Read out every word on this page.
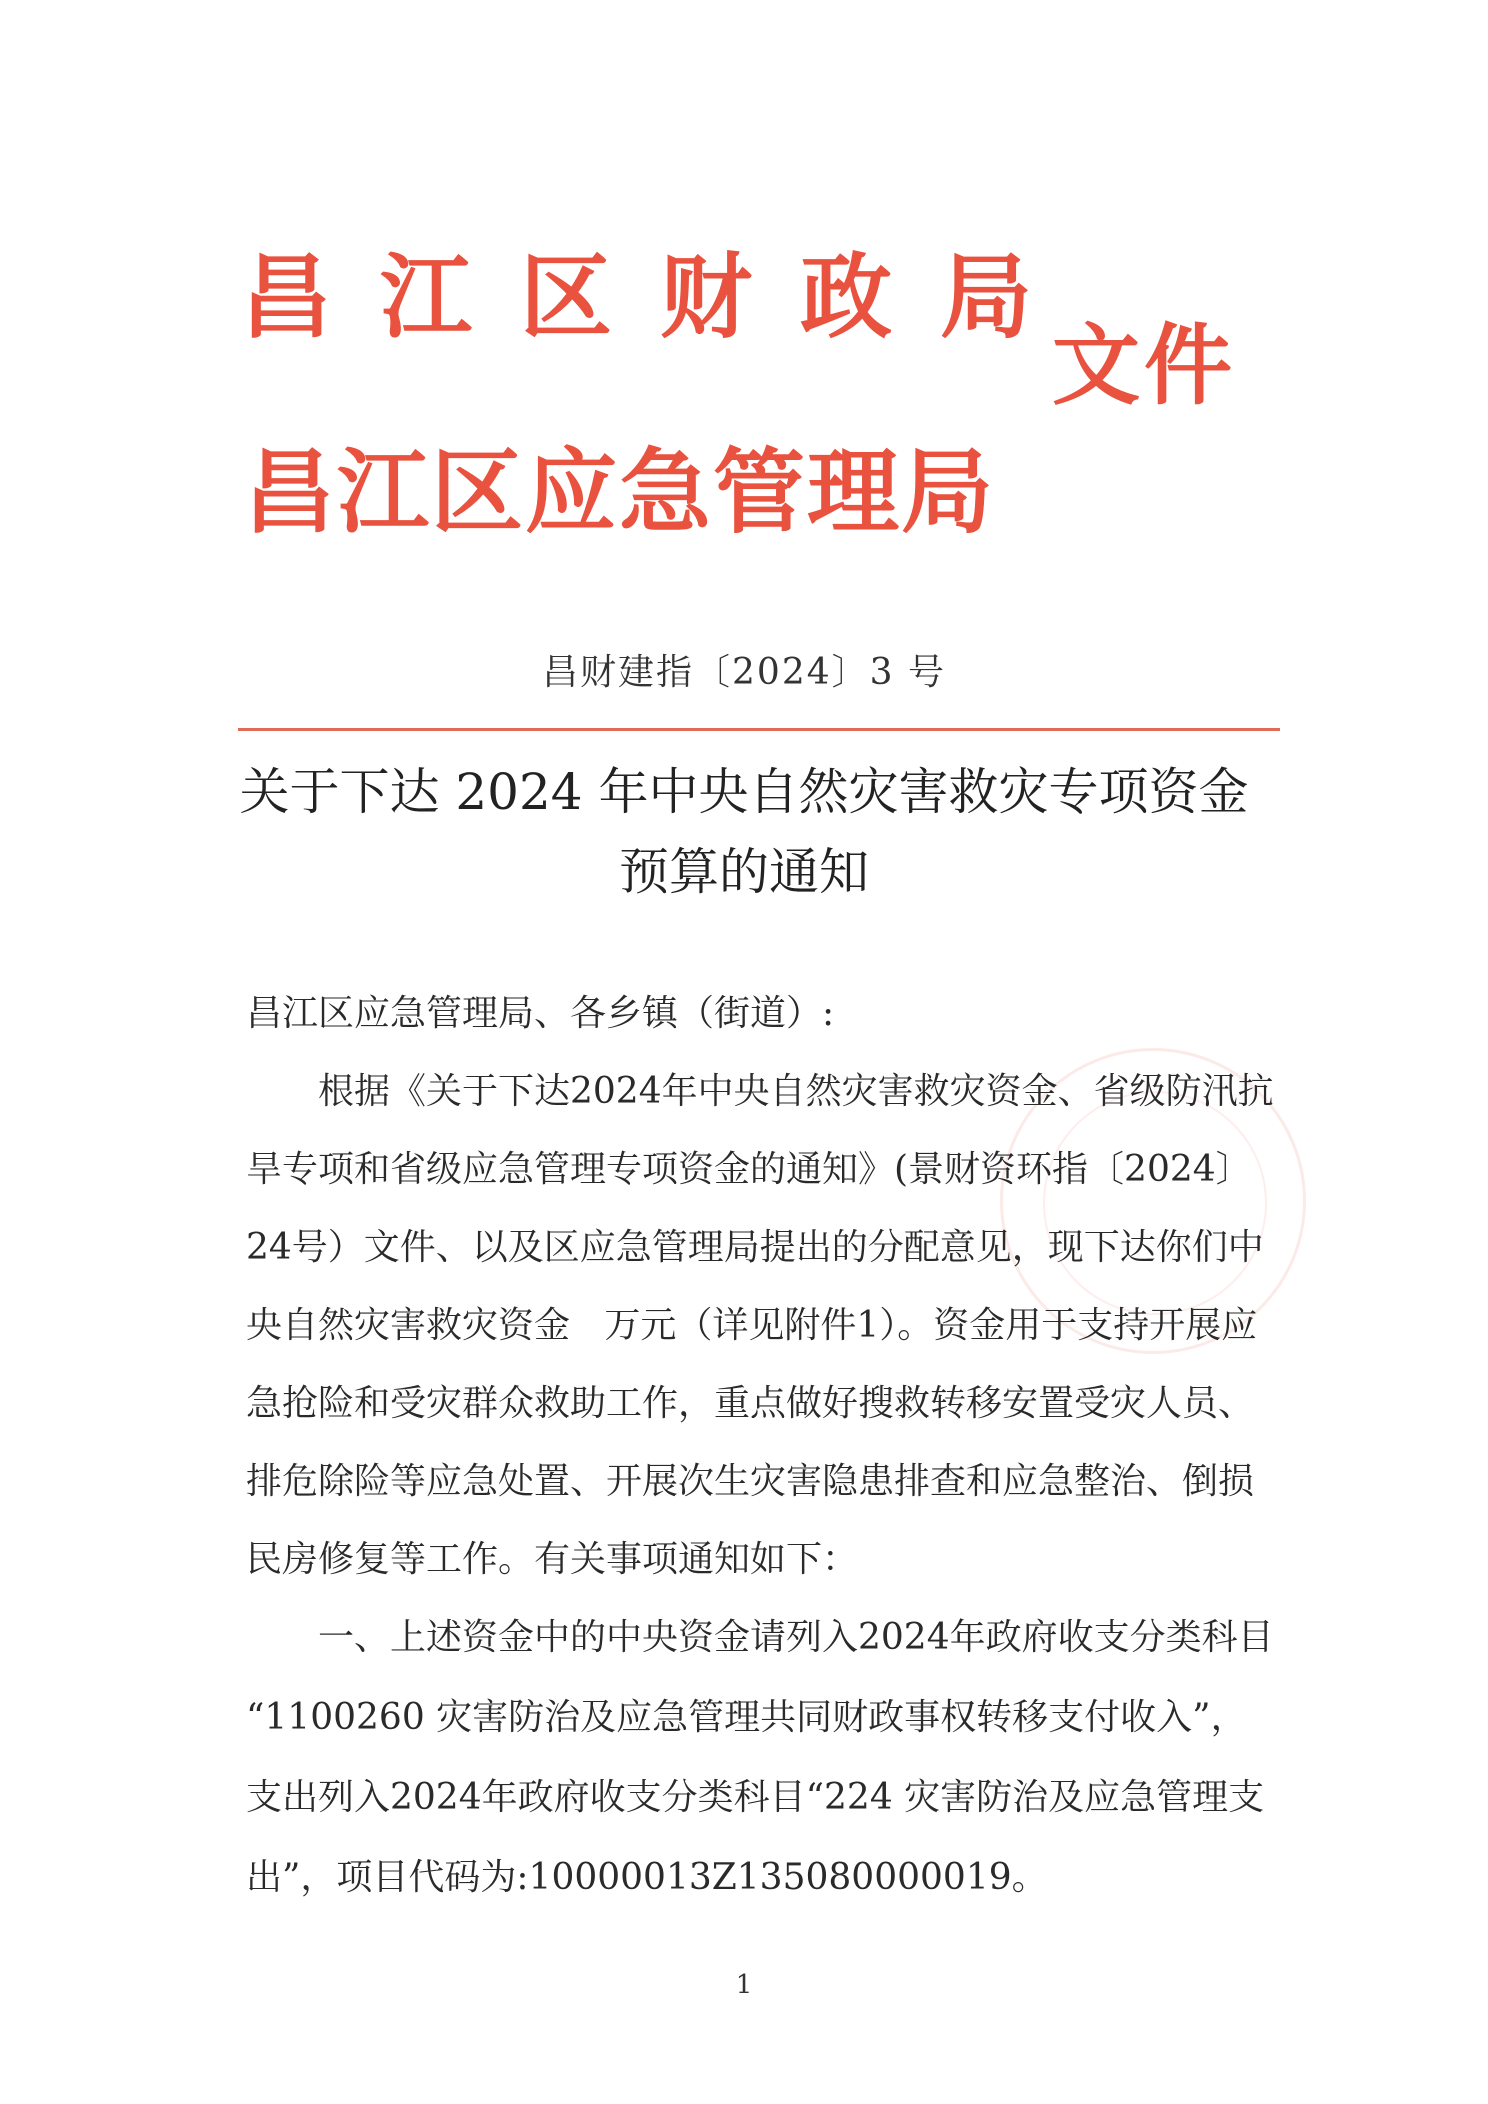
昌江区财政局
文件
昌江区应急管理局
昌财建指〔2024〕3 号
关于下达 2024 年中央自然灾害救灾专项资金
预算的通知
昌江区应急管理局、各乡镇（街道）:
根据《关于下达2024年中央自然灾害救灾资金、省级防汛抗
旱专项和省级应急管理专项资金的通知》(景财资环指〔2024〕
24号）文件、以及区应急管理局提出的分配意见，现下达你们中
央自然灾害救灾资金   万元（详见附件1）。资金用于支持开展应
急抢险和受灾群众救助工作，重点做好搜救转移安置受灾人员、
排危除险等应急处置、开展次生灾害隐患排查和应急整治、倒损
民房修复等工作。有关事项通知如下：
一、上述资金中的中央资金请列入2024年政府收支分类科目
“1100260 灾害防治及应急管理共同财政事权转移支付收入”，
支出列入2024年政府收支分类科目“224 灾害防治及应急管理支
出”，项目代码为:10000013Z135080000019。
1
